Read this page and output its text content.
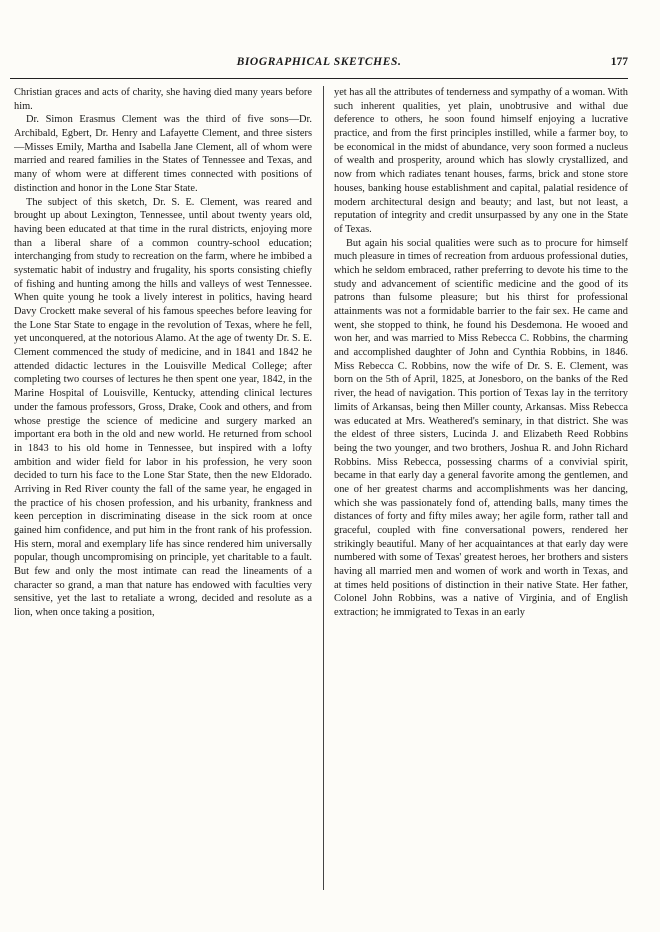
BIOGRAPHICAL SKETCHES.	177

Christian graces and acts of charity, she having died many years before him.

Dr. Simon Erasmus Clement was the third of five sons—Dr. Archibald, Egbert, Dr. Henry and Lafayette Clement, and three sisters—Misses Emily, Martha and Isabella Jane Clement, all of whom were married and reared families in the States of Tennessee and Texas, and many of whom were at different times connected with positions of distinction and honor in the Lone Star State.

The subject of this sketch, Dr. S. E. Clement, was reared and brought up about Lexington, Tennessee, until about twenty years old, having been educated at that time in the rural districts, enjoying more than a liberal share of a common country-school education; interchanging from study to recreation on the farm, where he imbibed a systematic habit of industry and frugality, his sports consisting chiefly of fishing and hunting among the hills and valleys of west Tennessee. When quite young he took a lively interest in politics, having heard Davy Crockett make several of his famous speeches before leaving for the Lone Star State to engage in the revolution of Texas, where he fell, yet unconquered, at the notorious Alamo. At the age of twenty Dr. S. E. Clement commenced the study of medicine, and in 1841 and 1842 he attended didactic lectures in the Louisville Medical College; after completing two courses of lectures he then spent one year, 1842, in the Marine Hospital of Louisville, Kentucky, attending clinical lectures under the famous professors, Gross, Drake, Cook and others, and from whose prestige the science of medicine and surgery marked an important era both in the old and new world. He returned from school in 1843 to his old home in Tennessee, but inspired with a lofty ambition and wider field for labor in his profession, he very soon decided to turn his face to the Lone Star State, then the new Eldorado. Arriving in Red River county the fall of the same year, he engaged in the practice of his chosen profession, and his urbanity, frankness and keen perception in discriminating disease in the sick room at once gained him confidence, and put him in the front rank of his profession. His stern, moral and exemplary life has since rendered him universally popular, though uncompromising on principle, yet charitable to a fault. But few and only the most intimate can read the lineaments of a character so grand, a man that nature has endowed with faculties very sensitive, yet the last to retaliate a wrong, decided and resolute as a lion, when once taking a position,

yet has all the attributes of tenderness and sympathy of a woman. With such inherent qualities, yet plain, unobtrusive and withal due deference to others, he soon found himself enjoying a lucrative practice, and from the first principles instilled, while a farmer boy, to be economical in the midst of abundance, very soon formed a nucleus of wealth and prosperity, around which has slowly crystallized, and now from which radiates tenant houses, farms, brick and stone store houses, banking house establishment and capital, palatial residence of modern architectural design and beauty; and last, but not least, a reputation of integrity and credit unsurpassed by any one in the State of Texas.

But again his social qualities were such as to procure for himself much pleasure in times of recreation from arduous professional duties, which he seldom embraced, rather preferring to devote his time to the study and advancement of scientific medicine and the good of its patrons than fulsome pleasure; but his thirst for professional attainments was not a formidable barrier to the fair sex. He came and went, she stopped to think, he found his Desdemona. He wooed and won her, and was married to Miss Rebecca C. Robbins, the charming and accomplished daughter of John and Cynthia Robbins, in 1846. Miss Rebecca C. Robbins, now the wife of Dr. S. E. Clement, was born on the 5th of April, 1825, at Jonesboro, on the banks of the Red river, the head of navigation. This portion of Texas lay in the territory limits of Arkansas, being then Miller county, Arkansas. Miss Rebecca was educated at Mrs. Weathered's seminary, in that district. She was the eldest of three sisters, Lucinda J. and Elizabeth Reed Robbins being the two younger, and two brothers, Joshua R. and John Richard Robbins. Miss Rebecca, possessing charms of a convivial spirit, became in that early day a general favorite among the gentlemen, and one of her greatest charms and accomplishments was her dancing, which she was passionately fond of, attending balls, many times the distances of forty and fifty miles away; her agile form, rather tall and graceful, coupled with fine conversational powers, rendered her strikingly beautiful. Many of her acquaintances at that early day were numbered with some of Texas' greatest heroes, her brothers and sisters having all married men and women of work and worth in Texas, and at times held positions of distinction in their native State. Her father, Colonel John Robbins, was a native of Virginia, and of English extraction; he immigrated to Texas in an early
